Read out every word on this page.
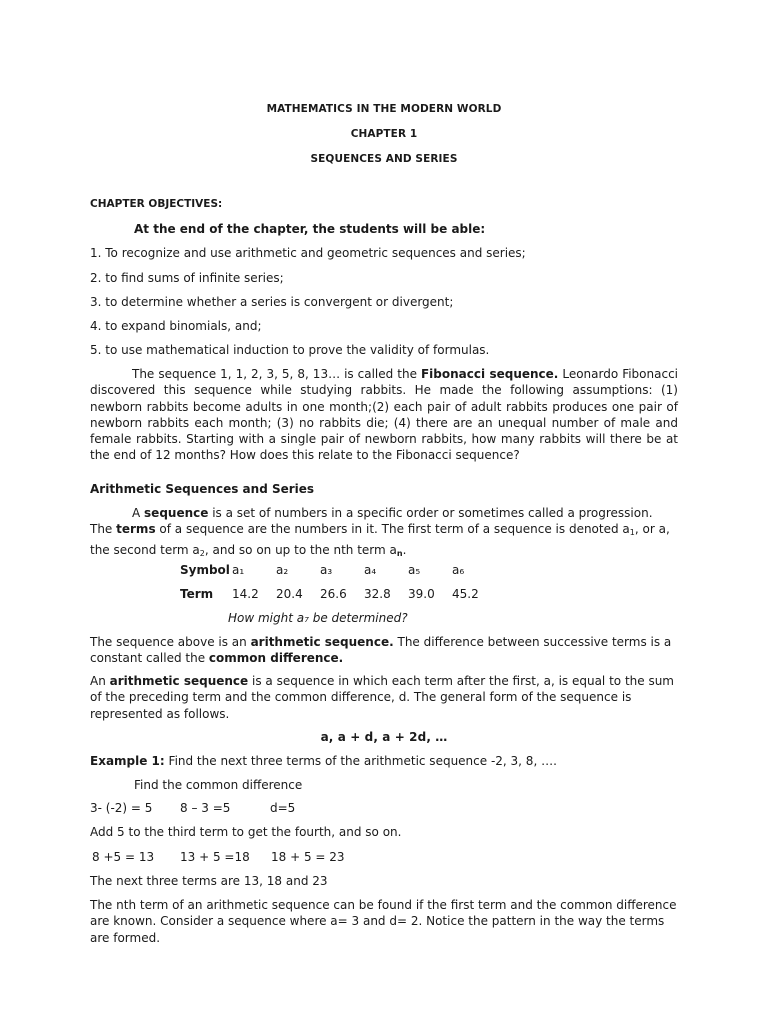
MATHEMATICS IN THE MODERN WORLD
CHAPTER 1
SEQUENCES AND SERIES
CHAPTER OBJECTIVES:
At the end of the chapter, the students will be able:
1. To recognize and use arithmetic and geometric sequences and series;
2. to find sums of infinite series;
3. to determine whether a series is convergent or divergent;
4. to expand binomials, and;
5. to use mathematical induction to prove the validity of formulas.
The sequence 1, 1, 2, 3, 5, 8, 13… is called the Fibonacci sequence. Leonardo Fibonacci discovered this sequence while studying rabbits. He made the following assumptions: (1) newborn rabbits become adults in one month;(2) each pair of adult rabbits produces one pair of newborn rabbits each month; (3) no rabbits die; (4) there are an unequal number of male and female rabbits. Starting with a single pair of newborn rabbits, how many rabbits will there be at the end of 12 months? How does this relate to the Fibonacci sequence?
Arithmetic Sequences and Series
A sequence is a set of numbers in a specific order or sometimes called a progression. The terms of a sequence are the numbers in it. The first term of a sequence is denoted $a_1$, or a, the second term $a_2$, and so on up to the nth term $a_n$.
Symbol	a₁	a₂	a₃	a₄	a₅	a₆
Term	14.2	20.4	26.6	32.8	39.0	45.2
How might a₇ be determined?
The sequence above is an arithmetic sequence. The difference between successive terms is a constant called the common difference.
An arithmetic sequence is a sequence in which each term after the first, a, is equal to the sum of the preceding term and the common difference, d. The general form of the sequence is represented as follows.
a, a + d, a + 2d, …
Example 1: Find the next three terms of the arithmetic sequence -2, 3, 8, ….
Find the common difference
3- (-2) = 5 8 – 3 =5	d=5
Add 5 to the third term to get the fourth, and so on.
8 +5 = 13 13 + 5 =18 18 + 5 = 23
The next three terms are 13, 18 and 23
The nth term of an arithmetic sequence can be found if the first term and the common difference are known. Consider a sequence where a= 3 and d= 2. Notice the pattern in the way the terms are formed.
